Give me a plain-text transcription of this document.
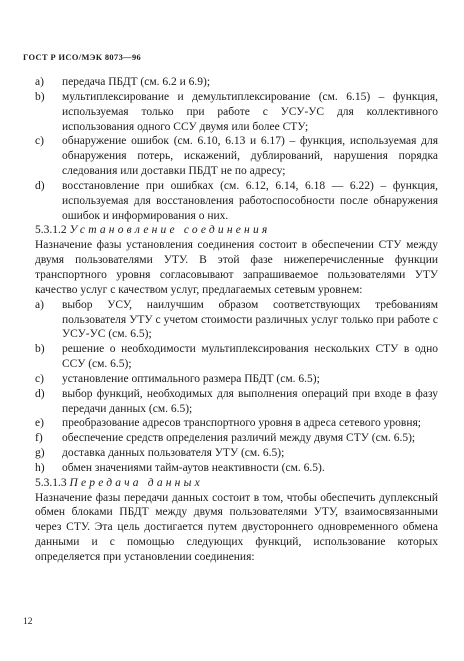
ГОСТ Р ИСО/МЭК 8073—96

a) передача ПБДТ (см. 6.2 и 6.9);

b) мультиплексирование и демультиплексирование (см. 6.15) – функция, используемая только при работе с УСУ-УС для коллективного использования одного ССУ двумя или более СТУ;

c) обнаружение ошибок (см. 6.10, 6.13 и 6.17) – функция, используемая для обнаружения потерь, искажений, дублирований, нарушения порядка следования или доставки ПБДТ не по адресу;

d) восстановление при ошибках (см. 6.12, 6.14, 6.18 — 6.22) – функция, используемая для восстановления работоспособности после обнаружения ошибок и информирования о них.

5.3.1.2 Установление соединения

Назначение фазы установления соединения состоит в обеспечении СТУ между двумя пользователями УТУ. В этой фазе нижеперечисленные функции транспортного уровня согласовывают запрашиваемое пользователями УТУ качество услуг с качеством услуг, предлагаемых сетевым уровнем:

a) выбор УСУ, наилучшим образом соответствующих требованиям пользователя УТУ с учетом стоимости различных услуг только при работе с УСУ-УС (см. 6.5);

b) решение о необходимости мультиплексирования нескольких СТУ в одно ССУ (см. 6.5);

c) установление оптимального размера ПБДТ (см. 6.5);

d) выбор функций, необходимых для выполнения операций при входе в фазу передачи данных (см. 6.5);

e) преобразование адресов транспортного уровня в адреса сетевого уровня;

f) обеспечение средств определения различий между двумя СТУ (см. 6.5);

g) доставка данных пользователя УТУ (см. 6.5);

h) обмен значениями тайм-аутов неактивности (см. 6.5).

5.3.1.3 Передача данных

Назначение фазы передачи данных состоит в том, чтобы обеспечить дуплексный обмен блоками ПБДТ между двумя пользователями УТУ, взаимосвязанными через СТУ. Эта цель достигается путем двустороннего одновременного обмена данными и с помощью следующих функций, использование которых определяется при установлении соединения:

12
